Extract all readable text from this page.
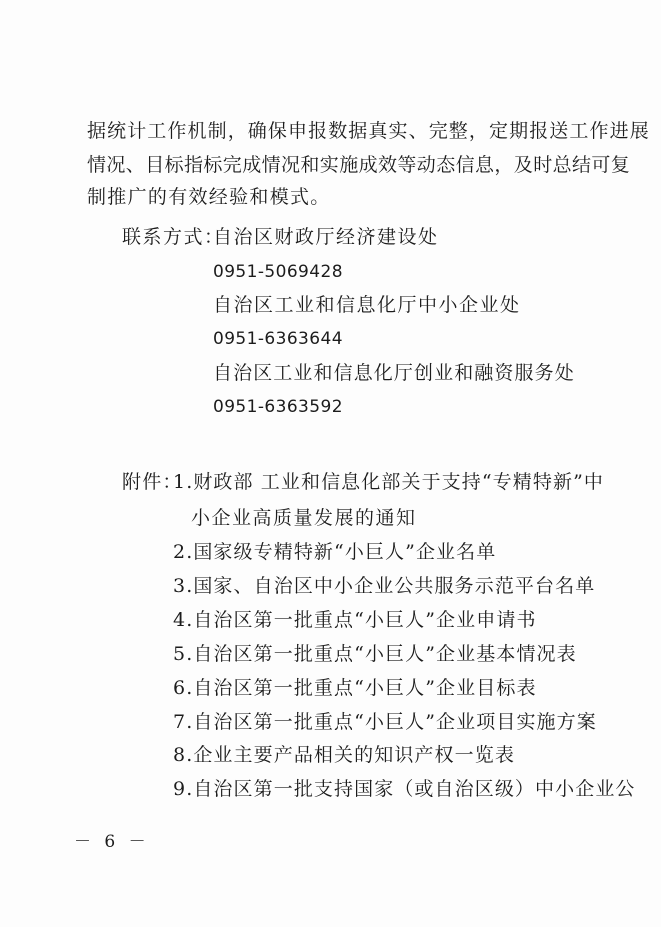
据统计工作机制，确保申报数据真实、完整，定期报送工作进展
情况、目标指标完成情况和实施成效等动态信息，及时总结可复
制推广的有效经验和模式。
联系方式：
自治区财政厅经济建设处
0951-5069428
自治区工业和信息化厅中小企业处
0951-6363644
自治区工业和信息化厅创业和融资服务处
0951-6363592
附件：
1.财政部 工业和信息化部关于支持“专精特新”中
小企业高质量发展的通知
2.国家级专精特新“小巨人”企业名单
3.国家、自治区中小企业公共服务示范平台名单
4.自治区第一批重点“小巨人”企业申请书
5.自治区第一批重点“小巨人”企业基本情况表
6.自治区第一批重点“小巨人”企业目标表
7.自治区第一批重点“小巨人”企业项目实施方案
8.企业主要产品相关的知识产权一览表
9.自治区第一批支持国家（或自治区级）中小企业公
－ 6 －
